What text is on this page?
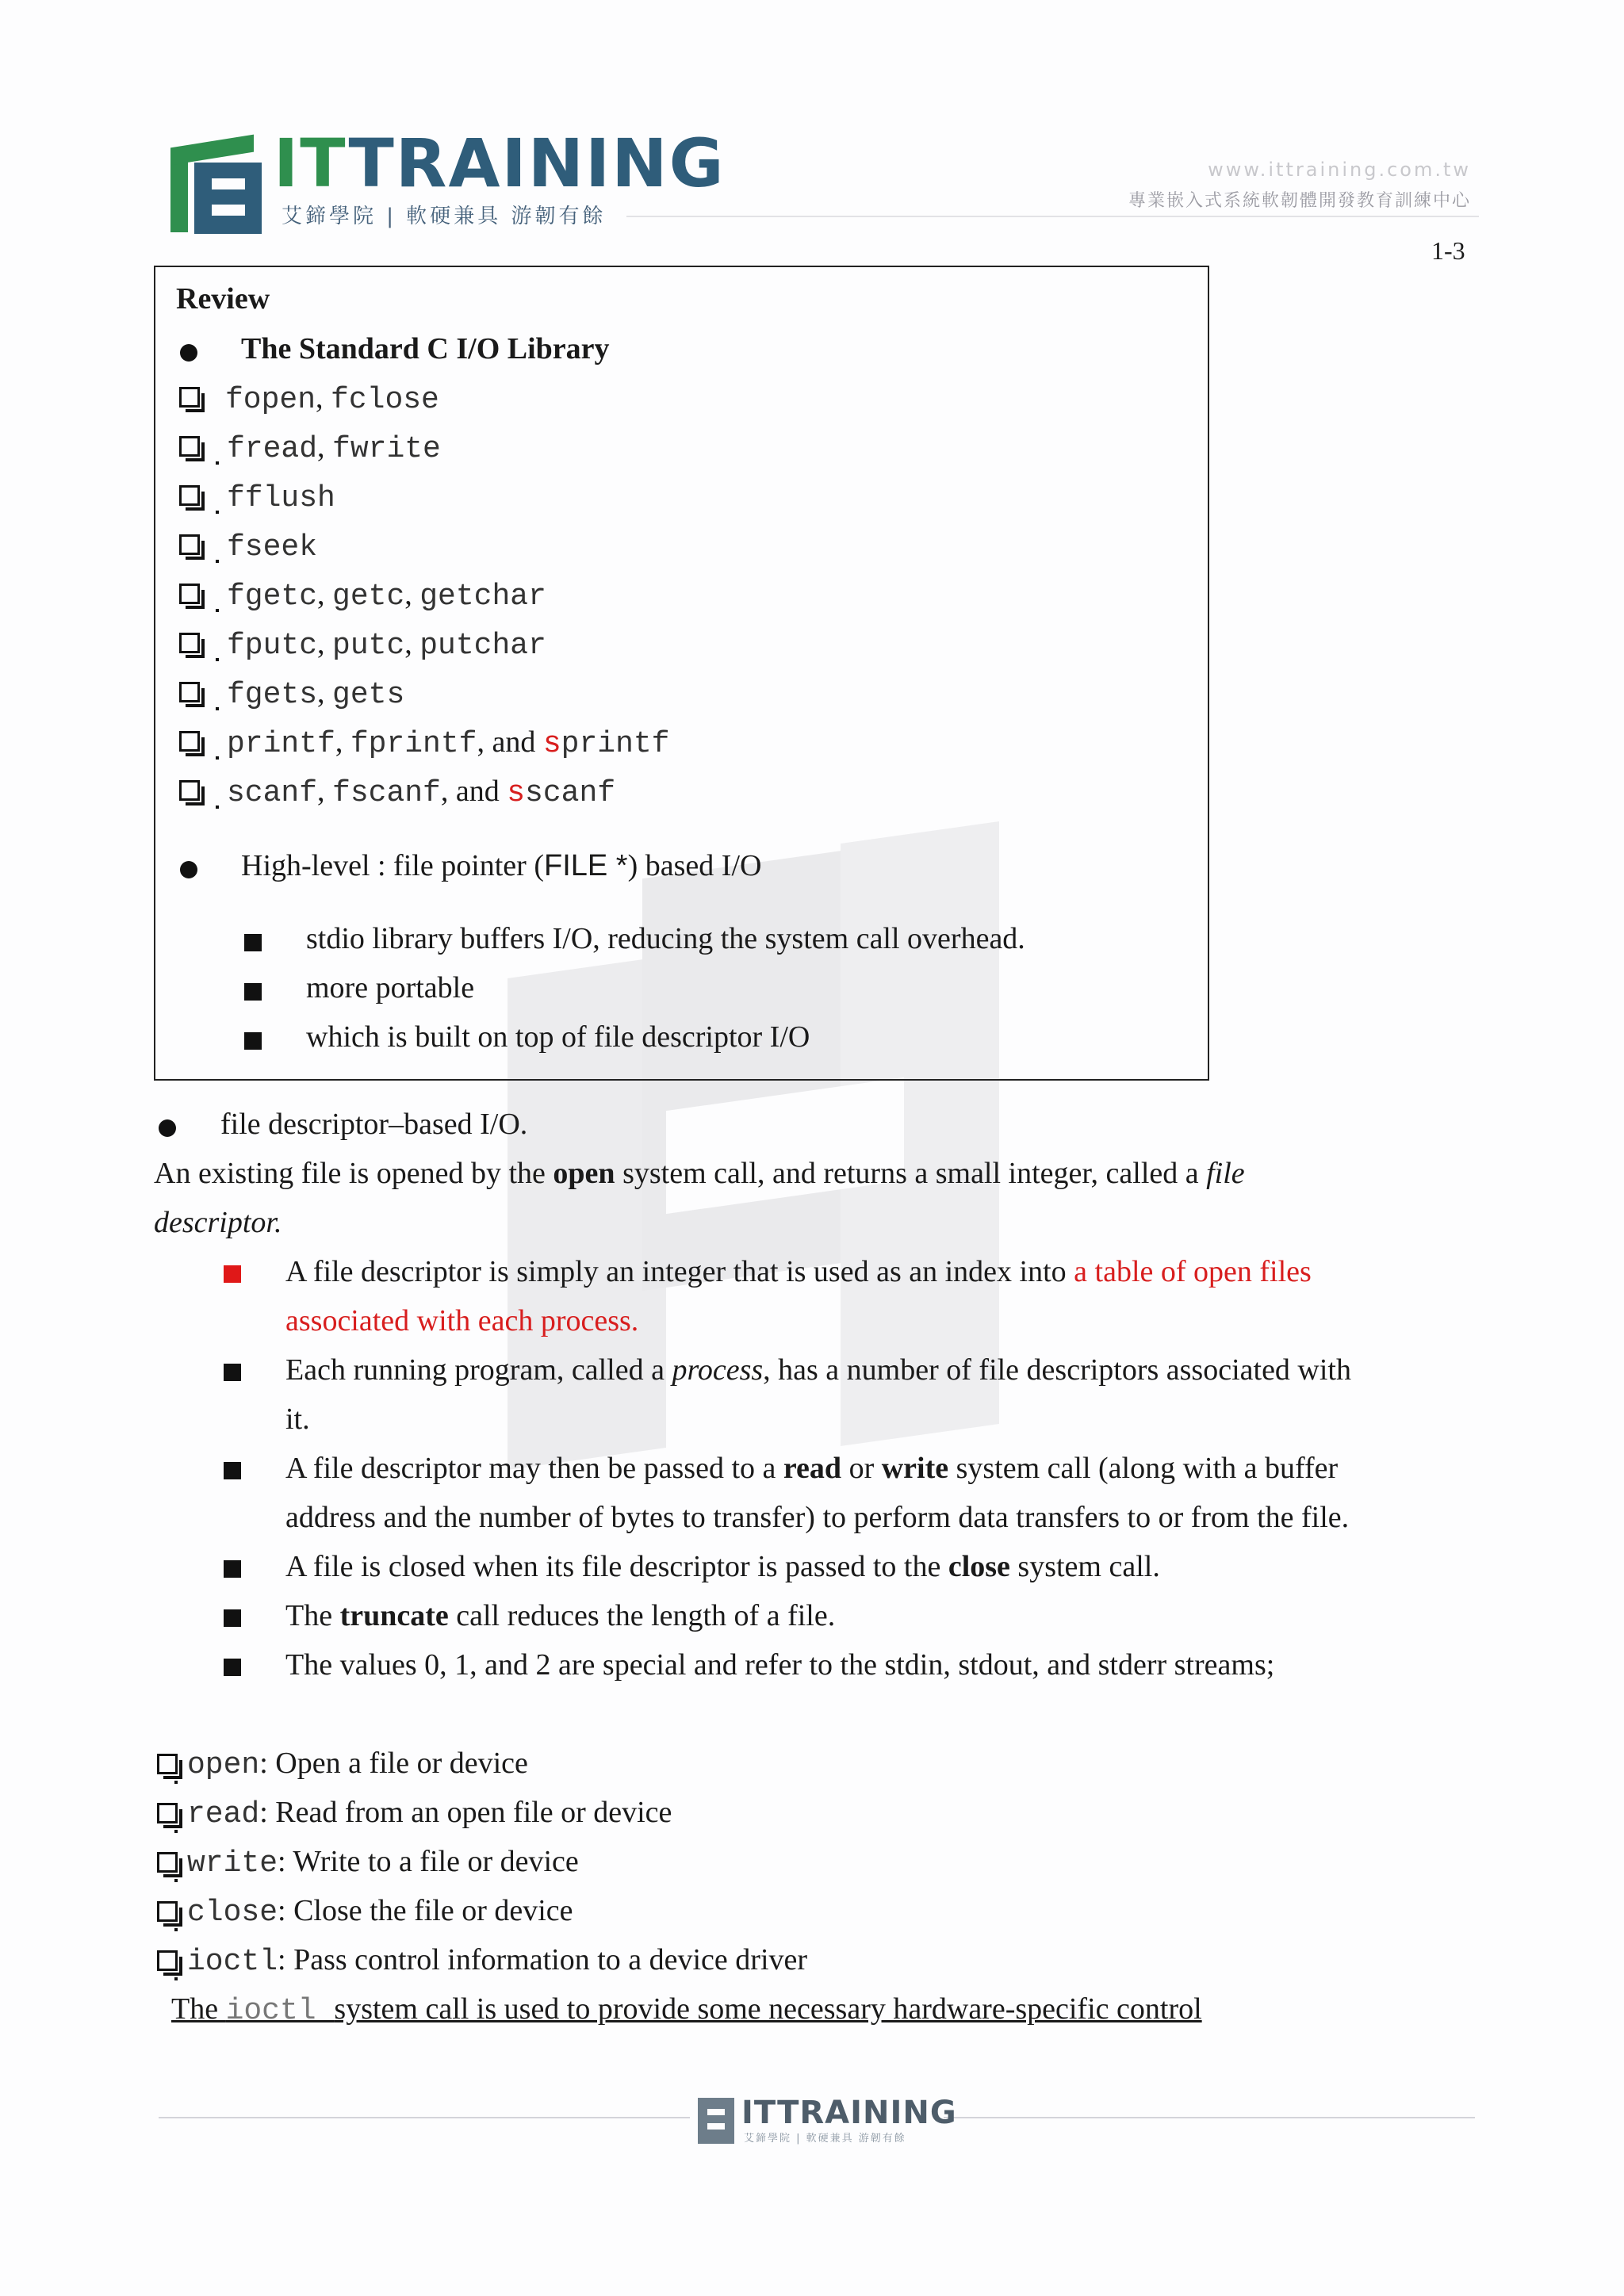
ITTRAINING
艾鍗學院 | 軟硬兼具 游韌有餘
www.ittraining.com.tw
專業嵌入式系統軟韌體開發教育訓練中心
1-3
Review
The Standard C I/O Library
fopen, fclose
fread, fwrite
fflush
fseek
fgetc, getc, getchar
fputc, putc, putchar
fgets, gets
printf, fprintf, and sprintf
scanf, fscanf, and sscanf
High-level : file pointer (FILE *) based I/O
stdio library buffers I/O, reducing the system call overhead.
more portable
which is built on top of file descriptor I/O
file descriptor–based I/O.
An existing file is opened by the open system call, and returns a small integer, called a file
descriptor.
A file descriptor is simply an integer that is used as an index into a table of open files
associated with each process.
Each running program, called a process, has a number of file descriptors associated with
it.
A file descriptor may then be passed to a read or write system call (along with a buffer
address and the number of bytes to transfer) to perform data transfers to or from the file.
A file is closed when its file descriptor is passed to the close system call.
The truncate call reduces the length of a file.
The values 0, 1, and 2 are special and refer to the stdin, stdout, and stderr streams;
open: Open a file or device
read: Read from an open file or device
write: Write to a file or device
close: Close the file or device
ioctl: Pass control information to a device driver
The ioctl system call is used to provide some necessary hardware-specific control
ITTRAINING
艾鍗學院 | 軟硬兼具 游韌有餘
